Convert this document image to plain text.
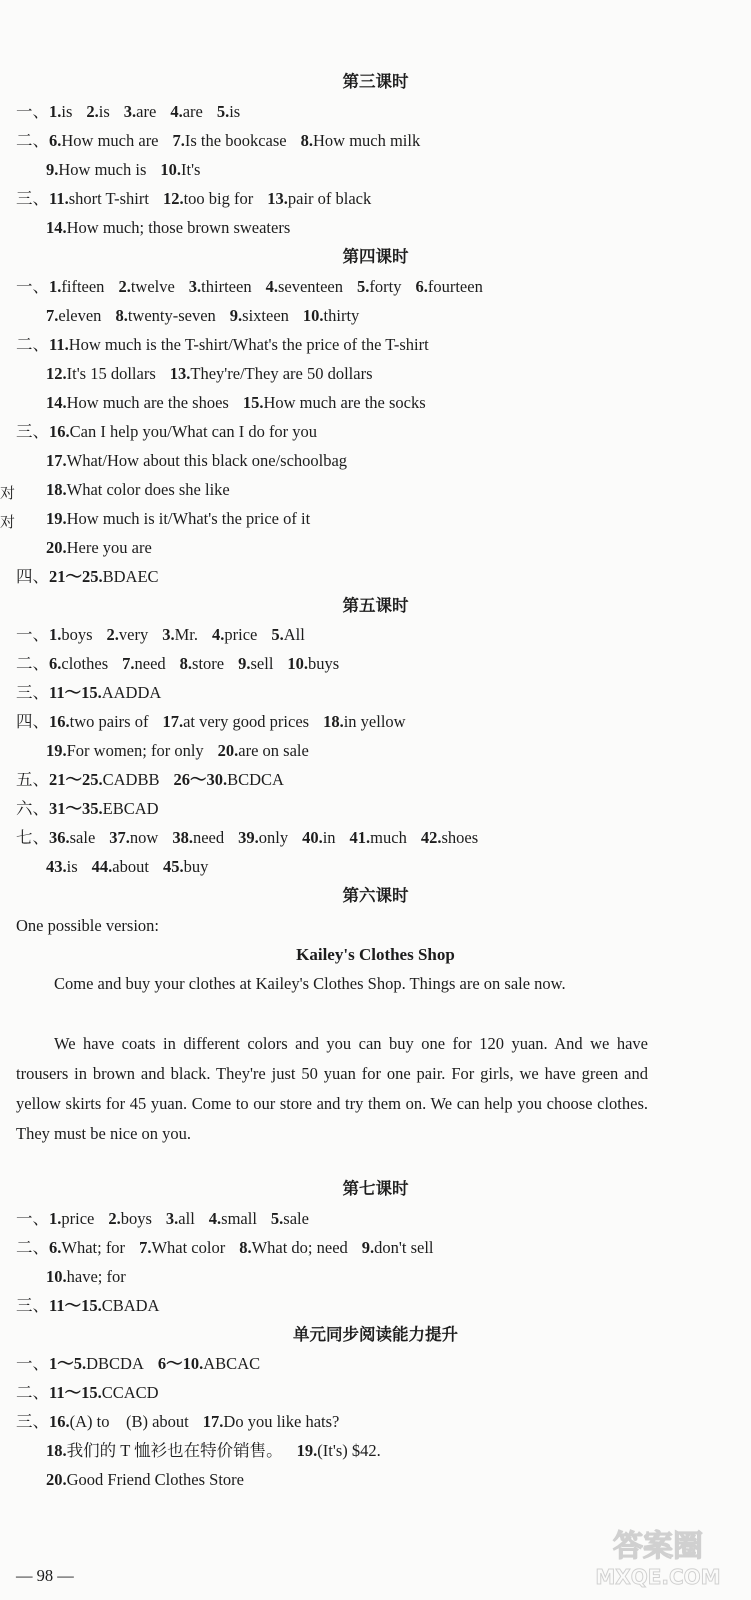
第三课时
一、1.is 2.is 3.are 4.are 5.is
二、6.How much are 7.Is the bookcase 8.How much milk
9.How much is 10.It's
三、11.short T-shirt 12.too big for 13.pair of black
14.How much; those brown sweaters
第四课时
一、1.fifteen 2.twelve 3.thirteen 4.seventeen 5.forty 6.fourteen
7.eleven 8.twenty-seven 9.sixteen 10.thirty
二、11.How much is the T-shirt/What's the price of the T-shirt
12.It's 15 dollars 13.They're/They are 50 dollars
14.How much are the shoes 15.How much are the socks
三、16.Can I help you/What can I do for you
17.What/How about this black one/schoolbag
18.What color does she like
19.How much is it/What's the price of it
20.Here you are
四、21～25.BDAEC
对
对
第五课时
一、1.boys 2.very 3.Mr. 4.price 5.All
二、6.clothes 7.need 8.store 9.sell 10.buys
三、11～15.AADDA
四、16.two pairs of 17.at very good prices 18.in yellow
19.For women; for only 20.are on sale
五、21～25.CADBB 26～30.BCDCA
六、31～35.EBCAD
七、36.sale 37.now 38.need 39.only 40.in 41.much 42.shoes
43.is 44.about 45.buy
第六课时
One possible version:
Kailey's Clothes Shop
Come and buy your clothes at Kailey's Clothes Shop. Things are on sale now.
We have coats in different colors and you can buy one for 120 yuan. And we have trousers in brown and black. They're just 50 yuan for one pair. For girls, we have green and yellow skirts for 45 yuan. Come to our store and try them on. We can help you choose clothes. They must be nice on you.
第七课时
一、1.price 2.boys 3.all 4.small 5.sale
二、6.What; for 7.What color 8.What do; need 9.don't sell
10.have; for
三、11～15.CBADA
单元同步阅读能力提升
一、1～5.DBCDA 6～10.ABCAC
二、11～15.CCACD
三、16.(A) to　(B) about 17.Do you like hats?
18.我们的 T 恤衫也在特价销售。 19.(It's) $42.
20.Good Friend Clothes Store
— 98 —
答案圈
MXQE.COM
